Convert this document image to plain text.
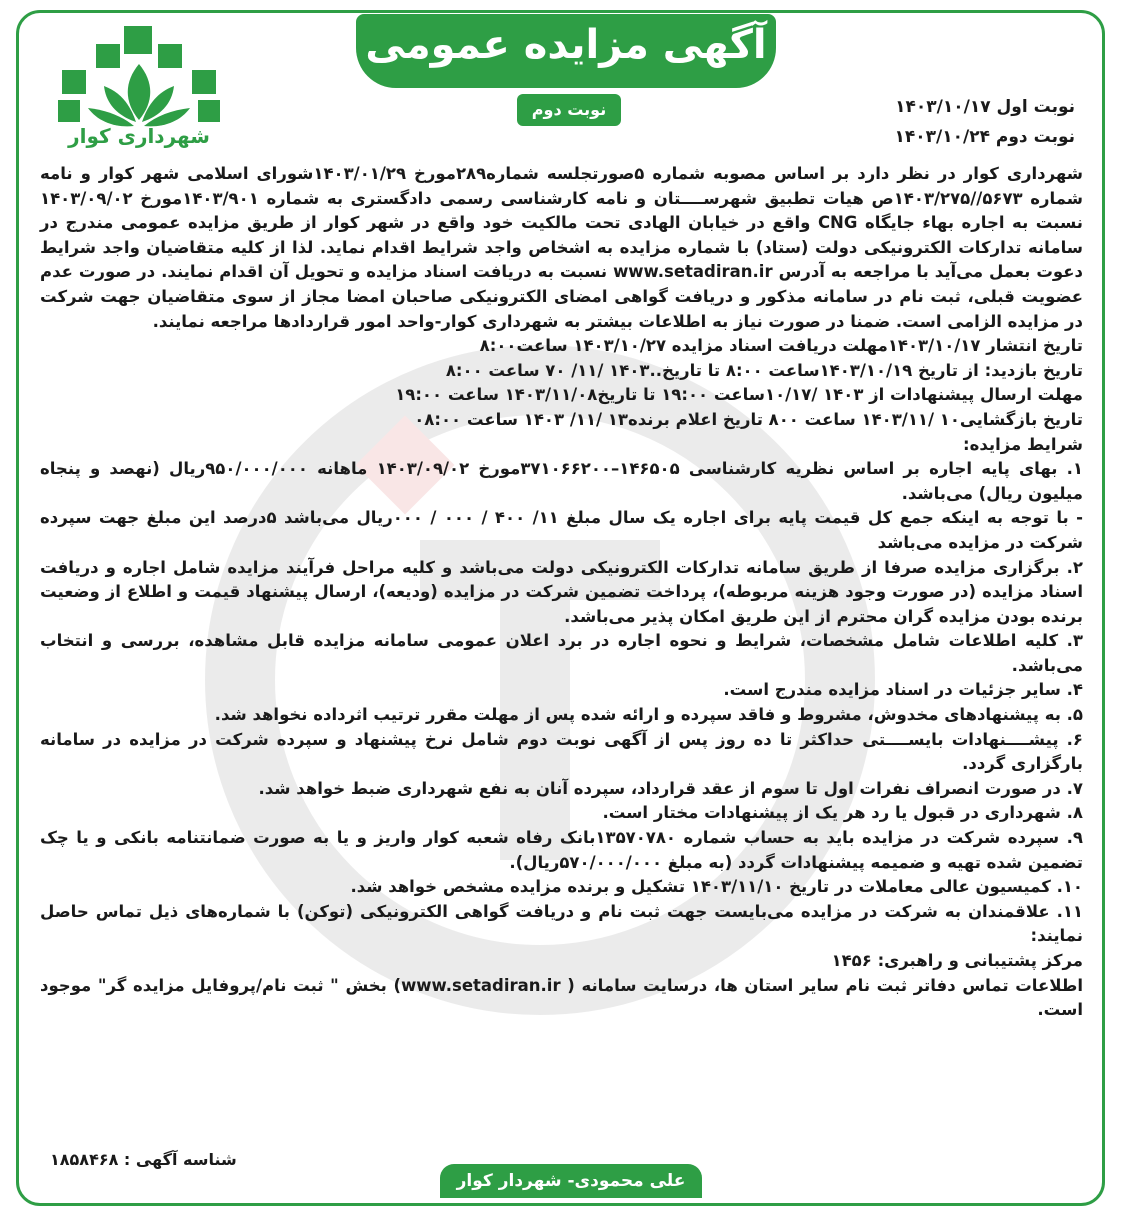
آگهی مزایده عمومی
نوبت دوم	نوبت اول ۱۴۰۳/۱۰/۱۷
نوبت دوم ۱۴۰۳/۱۰/۲۴
شهرداری کوار

شهرداری کوار در نظر دارد بر اساس مصوبه شماره ۵صورتجلسه شماره۲۸۹مورخ ۱۴۰۳/۰۱/۲۹شورای اسلامی شهر کوار و نامه شماره ۵۶۷۳//۱۴۰۳/۲۷۵ص هیات تطبیق شهرســــتان و نامه کارشناسی رسمی دادگستری به شماره ۱۴۰۳/۹۰۱مورخ ۱۴۰۳/۰۹/۰۲ نسبت به اجاره بهاء جایگاه CNG واقع در خیابان الهادی تحت مالکیت خود واقع در شهر کوار از طریق مزایده عمومی مندرج در سامانه تدارکات الکترونیکی دولت (ستاد) با شماره مزایده به اشخاص واجد شرایط اقدام نماید. لذا از کلیه متقاضیان واجد شرایط دعوت بعمل می‌آید با مراجعه به آدرس www.setadiran.ir نسبت به دریافت اسناد مزایده و تحویل آن اقدام نمایند. در صورت عدم عضویت قبلی، ثبت نام در سامانه مذکور و دریافت گواهی امضای الکترونیکی صاحبان امضا مجاز از سوی متقاضیان جهت شرکت در مزایده الزامی است. ضمنا در صورت نیاز به اطلاعات بیشتر به شهرداری کوار-واحد امور قراردادها مراجعه نمایند.

تاریخ انتشار ۱۴۰۳/۱۰/۱۷مهلت دریافت اسناد مزایده ۱۴۰۳/۱۰/۲۷ ساعت۸:۰۰

تاریخ بازدید: از تاریخ ۱۴۰۳/۱۰/۱۹ساعت ۸:۰۰ تا تاریخ..۱۴۰۳ /۱۱/ ۷۰ ساعت ۸:۰۰

مهلت ارسال پیشنهادات از ۱۴۰۳ /۱۰/۱۷ساعت ۱۹:۰۰ تا تاریخ۱۴۰۳/۱۱/۰۸ ساعت ۱۹:۰۰

تاریخ بازگشایی۱۰ /۱۴۰۳/۱۱ ساعت ۸۰۰ تاریخ اعلام برنده۱۳ /۱۱/ ۱۴۰۳ ساعت ۰۸:۰۰

شرایط مزایده:

۱. بهای پایه اجاره بر اساس نظریه کارشناسی ۱۴۶۵۰۵–۳۷۱۰۶۶۲۰۰مورخ ۱۴۰۳/۰۹/۰۲ ماهانه ۹۵۰/۰۰۰/۰۰۰ریال (نهصد و پنجاه میلیون ریال) می‌باشد.

- با توجه به اینکه جمع کل قیمت پایه برای اجاره یک سال مبلغ ۱۱/ ۴۰۰ / ۰۰۰ / ۰۰۰ریال می‌باشد ۵درصد این مبلغ جهت سپرده شرکت در مزایده می‌باشد

۲. برگزاری مزایده صرفا از طریق سامانه تدارکات الکترونیکی دولت می‌باشد و کلیه مراحل فرآیند مزایده شامل اجاره و دریافت اسناد مزایده (در صورت وجود هزینه مربوطه)، پرداخت تضمین شرکت در مزایده (ودیعه)، ارسال پیشنهاد قیمت و اطلاع از وضعیت برنده بودن مزایده گران محترم از این طریق امکان پذیر می‌باشد.

۳. کلیه اطلاعات شامل مشخصات، شرایط و نحوه اجاره در برد اعلان عمومی سامانه مزایده قابل مشاهده، بررسی و انتخاب می‌باشد.

۴. سایر جزئیات در اسناد مزایده مندرج است.

۵. به پیشنهادهای مخدوش، مشروط و فاقد سپرده و ارائه شده پس از مهلت مقرر ترتیب اثرداده نخواهد شد.

۶. پیشــــنهادات بایســــتی حداکثر تا ده روز پس از آگهی نوبت دوم شامل نرخ پیشنهاد و سپرده شرکت در مزایده در سامانه بارگزاری گردد.

۷. در صورت انصراف نفرات اول تا سوم از عقد قرارداد، سپرده آنان به نفع شهرداری ضبط خواهد شد.

۸. شهرداری در قبول یا رد هر یک از پیشنهادات مختار است.

۹. سپرده شرکت در مزایده باید به حساب شماره ۱۳۵۷۰۷۸۰بانک رفاه شعبه کوار واریز و یا به صورت ضمانتنامه بانکی و یا چک تضمین شده تهیه و ضمیمه پیشنهادات گردد (به مبلغ ۵۷۰/۰۰۰/۰۰۰ریال).

۱۰. کمیسیون عالی معاملات در تاریخ ۱۴۰۳/۱۱/۱۰ تشکیل و برنده مزایده مشخص خواهد شد.

۱۱. علاقمندان به شرکت در مزایده می‌بایست جهت ثبت نام و دریافت گواهی الکترونیکی (توکن) با شماره‌های ذیل تماس حاصل نمایند:

مرکز پشتیبانی و راهبری: ۱۴۵۶

اطلاعات تماس دفاتر ثبت نام سایر استان ها، درسایت سامانه ( www.setadiran.ir) بخش " ثبت نام/پروفایل مزایده گر" موجود است.

شناسه آگهی : ۱۸۵۸۴۶۸
علی محمودی- شهردار کوار
